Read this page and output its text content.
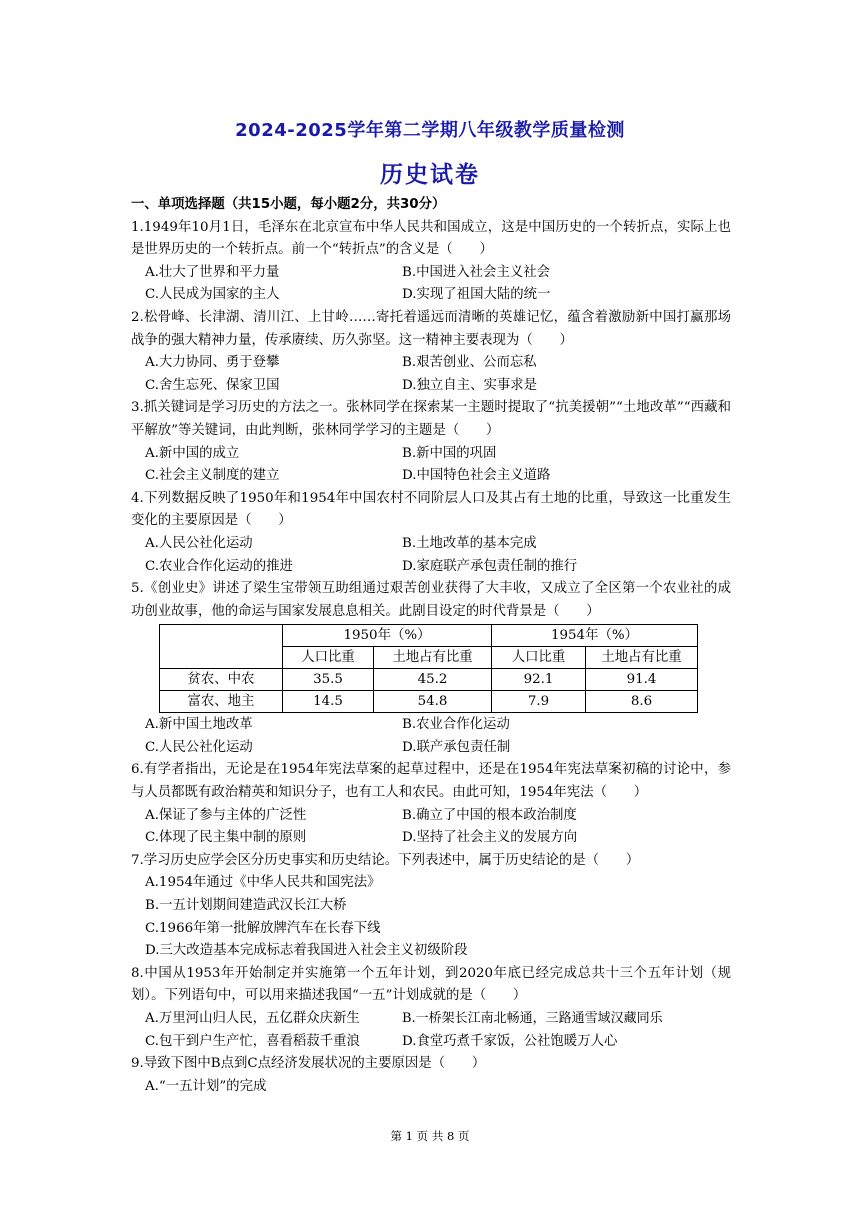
2024-2025学年第二学期八年级教学质量检测
历史试卷
一、单项选择题（共15小题，每小题2分，共30分）
1.1949年10月1日，毛泽东在北京宣布中华人民共和国成立，这是中国历史的一个转折点，实际上也是世界历史的一个转折点。前一个“转折点”的含义是（　　）
A.壮大了世界和平力量	B.中国进入社会主义社会
C.人民成为国家的主人	D.实现了祖国大陆的统一
2.松骨峰、长津湖、清川江、上甘岭……寄托着遥远而清晰的英雄记忆，蕴含着激励新中国打赢那场战争的强大精神力量，传承赓续、历久弥坚。这一精神主要表现为（　　）
A.大力协同、勇于登攀	B.艰苦创业、公而忘私
C.舍生忘死、保家卫国	D.独立自主、实事求是
3.抓关键词是学习历史的方法之一。张林同学在探索某一主题时提取了“抗美援朝”“土地改革”“西藏和平解放”等关键词，由此判断，张林同学学习的主题是（　　）
A.新中国的成立	B.新中国的巩固
C.社会主义制度的建立	D.中国特色社会主义道路
4.下列数据反映了1950年和1954年中国农村不同阶层人口及其占有土地的比重，导致这一比重发生变化的主要原因是（　　）
A.人民公社化运动	B.土地改革的基本完成
C.农业合作化运动的推进	D.家庭联产承包责任制的推行
5.《创业史》讲述了梁生宝带领互助组通过艰苦创业获得了大丰收，又成立了全区第一个农业社的成功创业故事，他的命运与国家发展息息相关。此剧目设定的时代背景是（　　）
	1950年（%）		1954年（%）	
	人口比重	土地占有比重	人口比重	土地占有比重
贫农、中农	35.5	45.2	92.1	91.4
富农、地主	14.5	54.8	7.9	8.6
A.新中国土地改革	B.农业合作化运动
C.人民公社化运动	D.联产承包责任制
6.有学者指出，无论是在1954年宪法草案的起草过程中，还是在1954年宪法草案初稿的讨论中，参与人员都既有政治精英和知识分子，也有工人和农民。由此可知，1954年宪法（　　）
A.保证了参与主体的广泛性	B.确立了中国的根本政治制度
C.体现了民主集中制的原则	D.坚持了社会主义的发展方向
7.学习历史应学会区分历史事实和历史结论。下列表述中，属于历史结论的是（　　）
A.1954年通过《中华人民共和国宪法》
B.一五计划期间建造武汉长江大桥
C.1966年第一批解放牌汽车在长春下线
D.三大改造基本完成标志着我国进入社会主义初级阶段
8.中国从1953年开始制定并实施第一个五年计划，到2020年底已经完成总共十三个五年计划（规划）。下列语句中，可以用来描述我国“一五”计划成就的是（　　）
A.万里河山归人民，五亿群众庆新生	B.一桥架长江南北畅通，三路通雪域汉藏同乐
C.包干到户生产忙，喜看稻菽千重浪	D.食堂巧煮千家饭，公社饱暖万人心
9.导致下图中B点到C点经济发展状况的主要原因是（　　）
A.“一五计划”的完成
第 1 页 共 8 页
